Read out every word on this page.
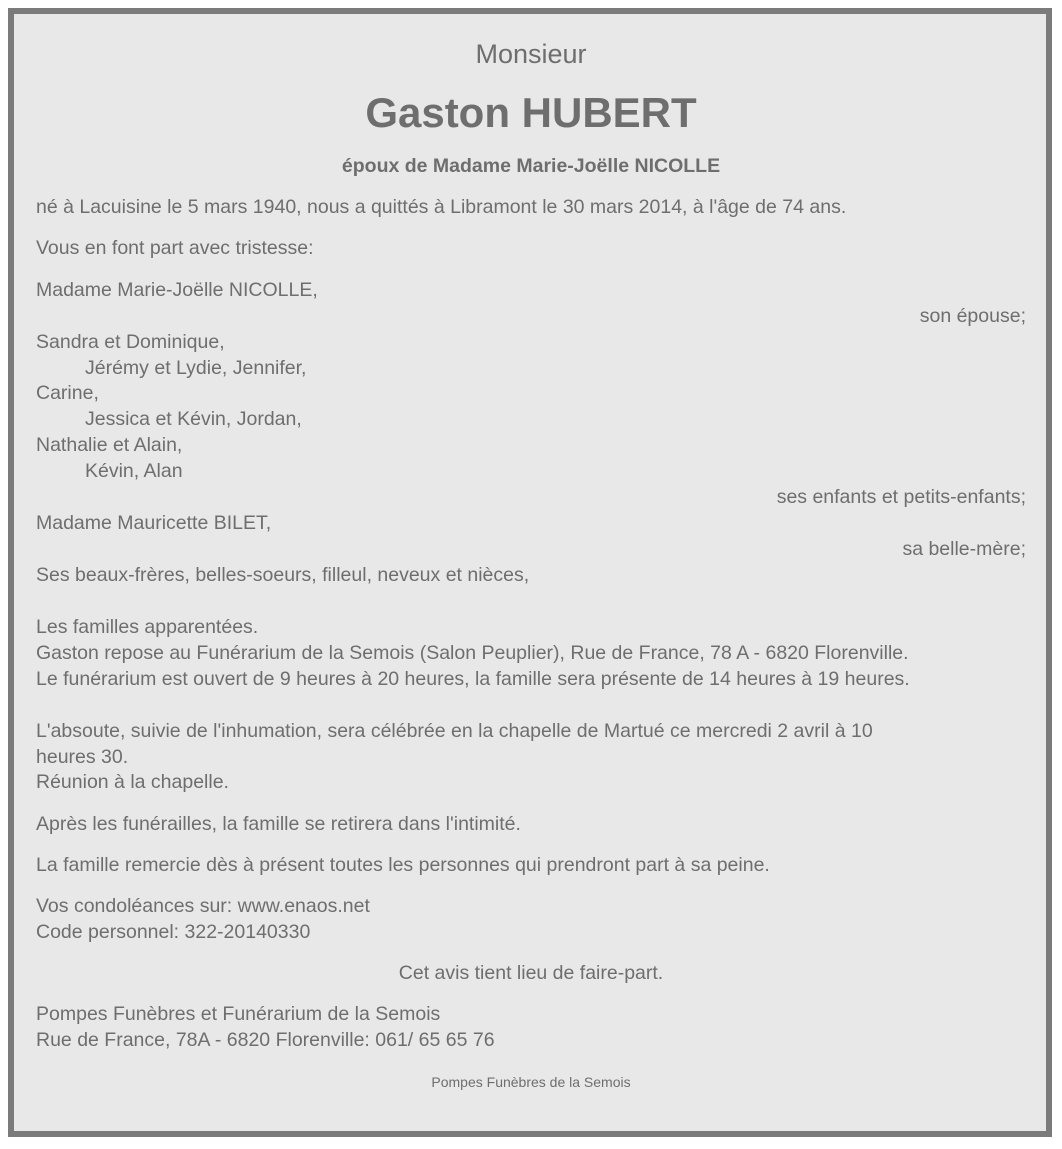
Monsieur
Gaston HUBERT
époux de Madame Marie-Joëlle NICOLLE
né à Lacuisine le 5 mars 1940, nous a quittés à Libramont le 30 mars 2014, à l'âge de 74 ans.
Vous en font part avec tristesse:
Madame Marie-Joëlle NICOLLE,
son épouse;
Sandra et Dominique,
Jérémy et Lydie, Jennifer,
Carine,
Jessica et Kévin, Jordan,
Nathalie et Alain,
Kévin, Alan
ses enfants et petits-enfants;
Madame Mauricette BILET,
sa belle-mère;
Ses beaux-frères, belles-soeurs, filleul, neveux et nièces,
Les familles apparentées.
Gaston repose au Funérarium de la Semois (Salon Peuplier), Rue de France, 78 A - 6820 Florenville.
Le funérarium est ouvert de 9 heures à 20 heures, la famille sera présente de 14 heures à 19 heures.
L'absoute, suivie de l'inhumation, sera célébrée en la chapelle de Martué ce mercredi 2 avril à 10
heures 30.
Réunion à la chapelle.
Après les funérailles, la famille se retirera dans l'intimité.
La famille remercie dès à présent toutes les personnes qui prendront part à sa peine.
Vos condoléances sur: www.enaos.net
Code personnel: 322-20140330
Cet avis tient lieu de faire-part.
Pompes Funèbres et Funérarium de la Semois
Rue de France, 78A - 6820 Florenville: 061/ 65 65 76
Pompes Funèbres de la Semois
